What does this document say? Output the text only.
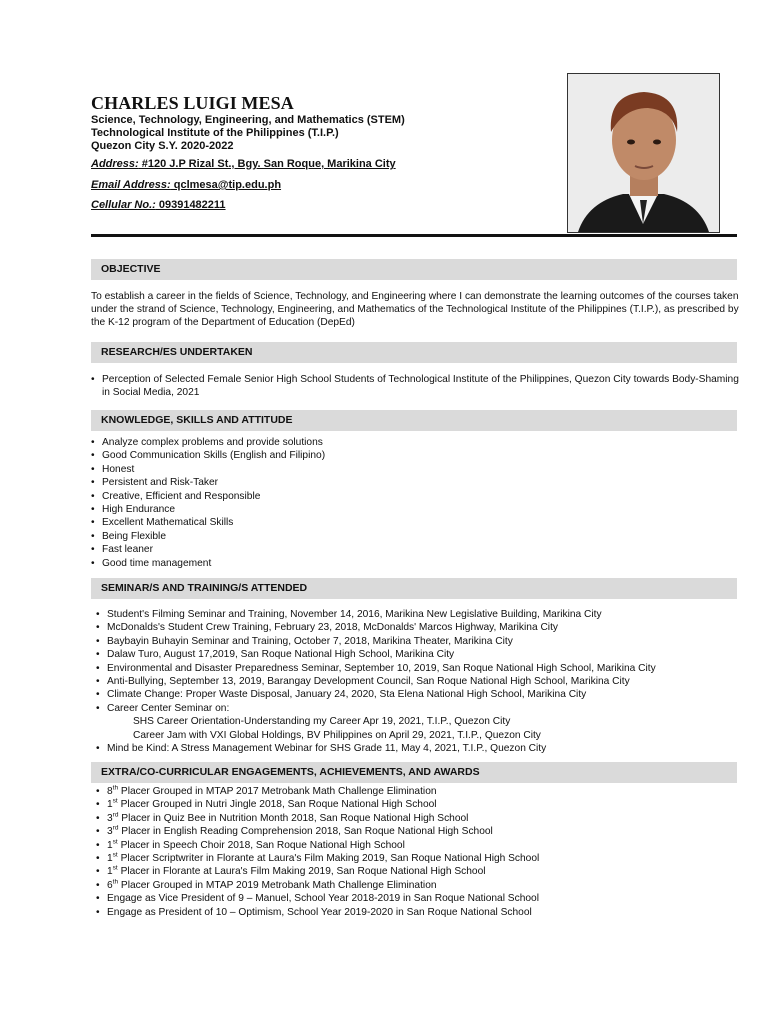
CHARLES LUIGI MESA
Science, Technology, Engineering, and Mathematics (STEM)
Technological Institute of the Philippines (T.I.P.)
Quezon City S.Y. 2020-2022
Address: #120 J.P Rizal St., Bgy. San Roque, Marikina City
Email Address: qclmesa@tip.edu.ph
Cellular No.: 09391482211
OBJECTIVE
To establish a career in the fields of Science, Technology, and Engineering where I can demonstrate the learning outcomes of the courses taken under the strand of Science, Technology, Engineering, and Mathematics of the Technological Institute of the Philippines (T.I.P.), as prescribed by the K-12 program of the Department of Education (DepEd)
RESEARCH/ES UNDERTAKEN
• Perception of Selected Female Senior High School Students of Technological Institute of the Philippines, Quezon City towards Body-Shaming in Social Media, 2021
KNOWLEDGE, SKILLS AND ATTITUDE
• Analyze complex problems and provide solutions
• Good Communication Skills (English and Filipino)
• Honest
• Persistent and Risk-Taker
• Creative, Efficient and Responsible
• High Endurance
• Excellent Mathematical Skills
• Being Flexible
• Fast leaner
• Good time management
SEMINAR/S AND TRAINING/S ATTENDED
• Student's Filming Seminar and Training, November 14, 2016, Marikina New Legislative Building, Marikina City
• McDonalds's Student Crew Training, February 23, 2018, McDonalds' Marcos Highway, Marikina City
• Baybayin Buhayin Seminar and Training, October 7, 2018, Marikina Theater, Marikina City
• Dalaw Turo, August 17,2019, San Roque National High School, Marikina City
• Environmental and Disaster Preparedness Seminar, September 10, 2019, San Roque National High School, Marikina City
• Anti-Bullying, September 13, 2019, Barangay Development Council, San Roque National High School, Marikina City
• Climate Change: Proper Waste Disposal, January 24, 2020, Sta Elena National High School, Marikina City
• Career Center Seminar on:
SHS Career Orientation-Understanding my Career Apr 19, 2021, T.I.P., Quezon City
Career Jam with VXI Global Holdings, BV Philippines on April 29, 2021, T.I.P., Quezon City
• Mind be Kind: A Stress Management Webinar for SHS Grade 11, May 4, 2021, T.I.P., Quezon City
EXTRA/CO-CURRICULAR ENGAGEMENTS, ACHIEVEMENTS, AND AWARDS
• 8th Placer Grouped in MTAP 2017 Metrobank Math Challenge Elimination
• 1st Placer Grouped in Nutri Jingle 2018, San Roque National High School
• 3rd Placer in Quiz Bee in Nutrition Month 2018, San Roque National High School
• 3rd Placer in English Reading Comprehension 2018, San Roque National High School
• 1st Placer in Speech Choir 2018, San Roque National High School
• 1st Placer Scriptwriter in Florante at Laura's Film Making 2019, San Roque National High School
• 1st Placer in Florante at Laura's Film Making 2019, San Roque National High School
• 6th Placer Grouped in MTAP 2019 Metrobank Math Challenge Elimination
• Engage as Vice President of 9 – Manuel, School Year 2018-2019 in San Roque National School
• Engage as President of 10 – Optimism, School Year 2019-2020 in San Roque National School
